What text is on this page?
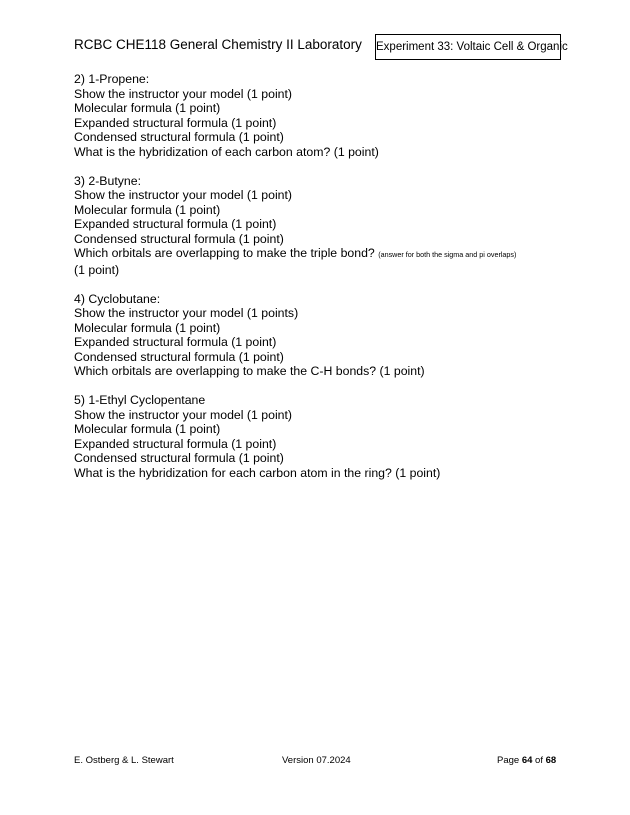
RCBC CHE118 General Chemistry II Laboratory Experiment 33: Voltaic Cell & Organic
2) 1-Propene:
Show the instructor your model (1 point)
Molecular formula (1 point)
Expanded structural formula (1 point)
Condensed structural formula (1 point)
What is the hybridization of each carbon atom? (1 point)
3) 2-Butyne:
Show the instructor your model (1 point)
Molecular formula (1 point)
Expanded structural formula (1 point)
Condensed structural formula (1 point)
Which orbitals are overlapping to make the triple bond? (answer for both the sigma and pi overlaps)
(1 point)
4) Cyclobutane:
Show the instructor your model (1 points)
Molecular formula (1 point)
Expanded structural formula (1 point)
Condensed structural formula (1 point)
Which orbitals are overlapping to make the C-H bonds? (1 point)
5) 1-Ethyl Cyclopentane
Show the instructor your model (1 point)
Molecular formula (1 point)
Expanded structural formula (1 point)
Condensed structural formula (1 point)
What is the hybridization for each carbon atom in the ring? (1 point)
E. Ostberg & L. Stewart	Version 07.2024	Page 64 of 68
